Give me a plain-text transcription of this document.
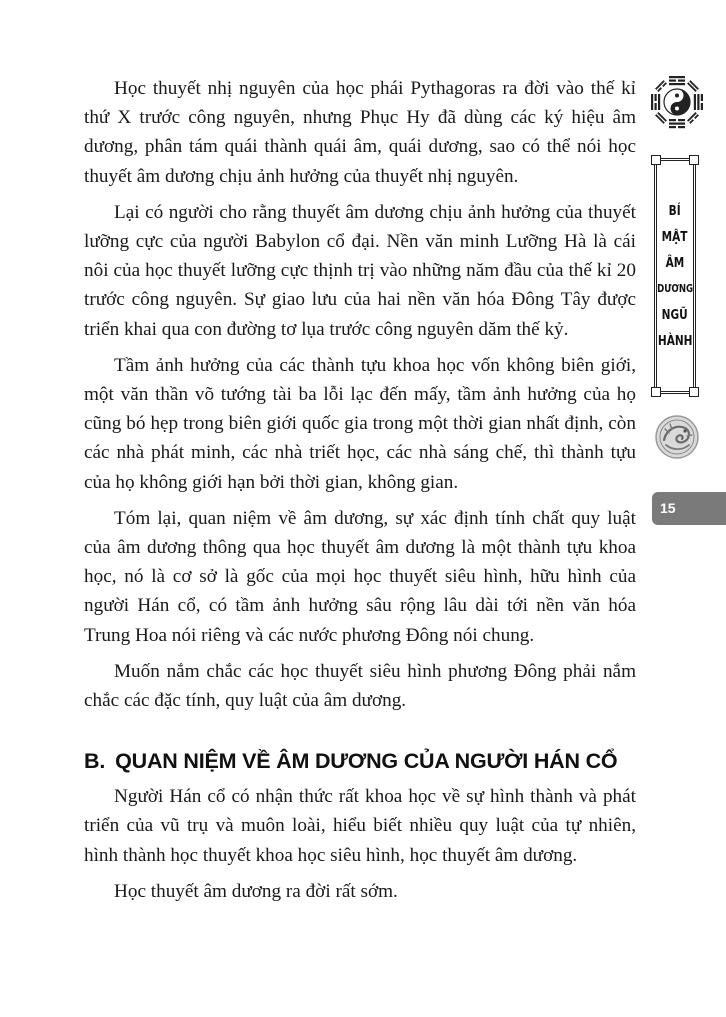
Học thuyết nhị nguyên của học phái Pythagoras ra đời vào thế kỉ thứ X trước công nguyên, nhưng Phục Hy đã dùng các ký hiệu âm dương, phân tám quái thành quái âm, quái dương, sao có thể nói học thuyết âm dương chịu ảnh hưởng của thuyết nhị nguyên.

Lại có người cho rằng thuyết âm dương chịu ảnh hưởng của thuyết lưỡng cực của người Babylon cổ đại. Nền văn minh Lưỡng Hà là cái nôi của học thuyết lưỡng cực thịnh trị vào những năm đầu của thế kỉ 20 trước công nguyên. Sự giao lưu của hai nền văn hóa Đông Tây được triển khai qua con đường tơ lụa trước công nguyên dăm thế kỷ.

Tầm ảnh hưởng của các thành tựu khoa học vốn không biên giới, một văn thần võ tướng tài ba lỗi lạc đến mấy, tầm ảnh hưởng của họ cũng bó hẹp trong biên giới quốc gia trong một thời gian nhất định, còn các nhà phát minh, các nhà triết học, các nhà sáng chế, thì thành tựu của họ không giới hạn bởi thời gian, không gian.

Tóm lại, quan niệm về âm dương, sự xác định tính chất quy luật của âm dương thông qua học thuyết âm dương là một thành tựu khoa học, nó là cơ sở là gốc của mọi học thuyết siêu hình, hữu hình của người Hán cổ, có tầm ảnh hưởng sâu rộng lâu dài tới nền văn hóa Trung Hoa nói riêng và các nước phương Đông nói chung.

Muốn nắm chắc các học thuyết siêu hình phương Đông phải nắm chắc các đặc tính, quy luật của âm dương.

B. QUAN NIỆM VỀ ÂM DƯƠNG CỦA NGƯỜI HÁN CỔ

Người Hán cổ có nhận thức rất khoa học về sự hình thành và phát triển của vũ trụ và muôn loài, hiểu biết nhiều quy luật của tự nhiên, hình thành học thuyết khoa học siêu hình, học thuyết âm dương.

Học thuyết âm dương ra đời rất sớm.

BÍ
MẬT
ÂM
DƯƠNG
NGŨ
HÀNH
15
